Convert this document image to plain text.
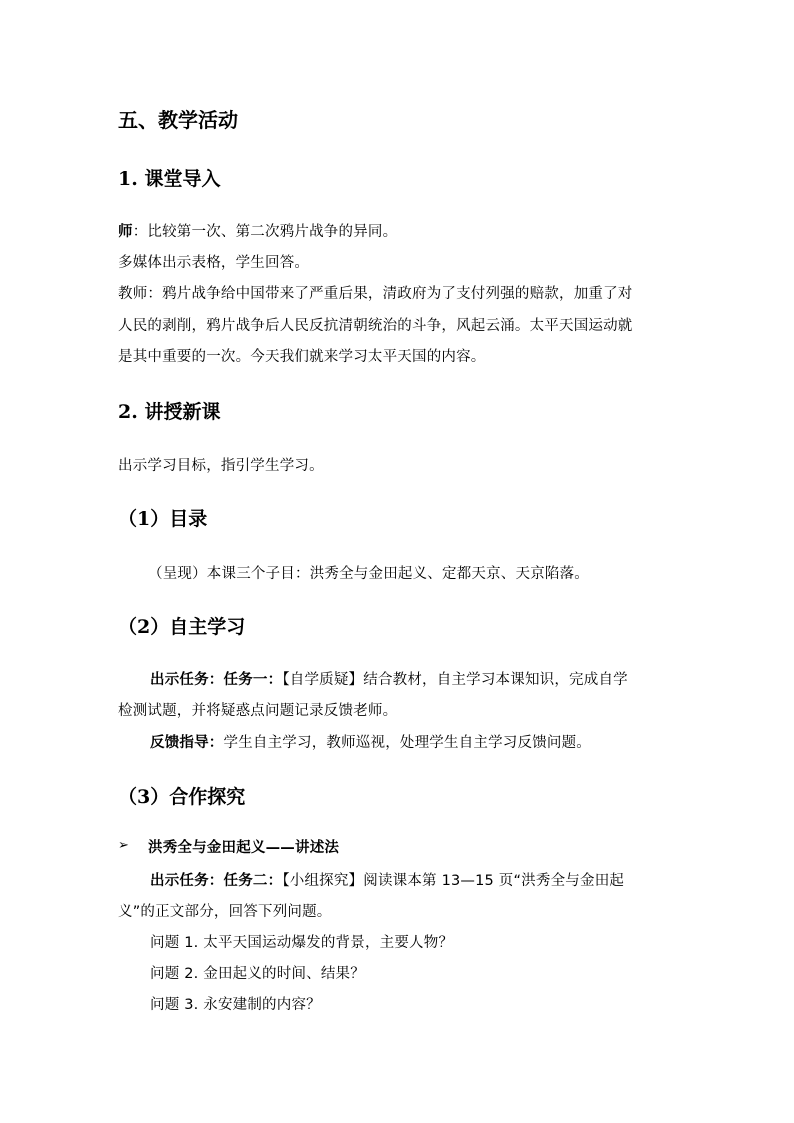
五、教学活动
1. 课堂导入
师：比较第一次、第二次鸦片战争的异同。
多媒体出示表格，学生回答。
教师：鸦片战争给中国带来了严重后果，清政府为了支付列强的赔款，加重了对
人民的剥削，鸦片战争后人民反抗清朝统治的斗争，风起云涌。太平天国运动就
是其中重要的一次。今天我们就来学习太平天国的内容。
2. 讲授新课
出示学习目标，指引学生学习。
（1）目录
（呈现）本课三个子目：洪秀全与金田起义、定都天京、天京陷落。
（2）自主学习
出示任务：任务一：【自学质疑】结合教材，自主学习本课知识，完成自学
检测试题，并将疑惑点问题记录反馈老师。
反馈指导：学生自主学习，教师巡视，处理学生自主学习反馈问题。
（3）合作探究
➢ 洪秀全与金田起义——讲述法
出示任务：任务二：【小组探究】阅读课本第 13—15 页“洪秀全与金田起
义”的正文部分，回答下列问题。
问题 1. 太平天国运动爆发的背景，主要人物？
问题 2. 金田起义的时间、结果？
问题 3. 永安建制的内容？
